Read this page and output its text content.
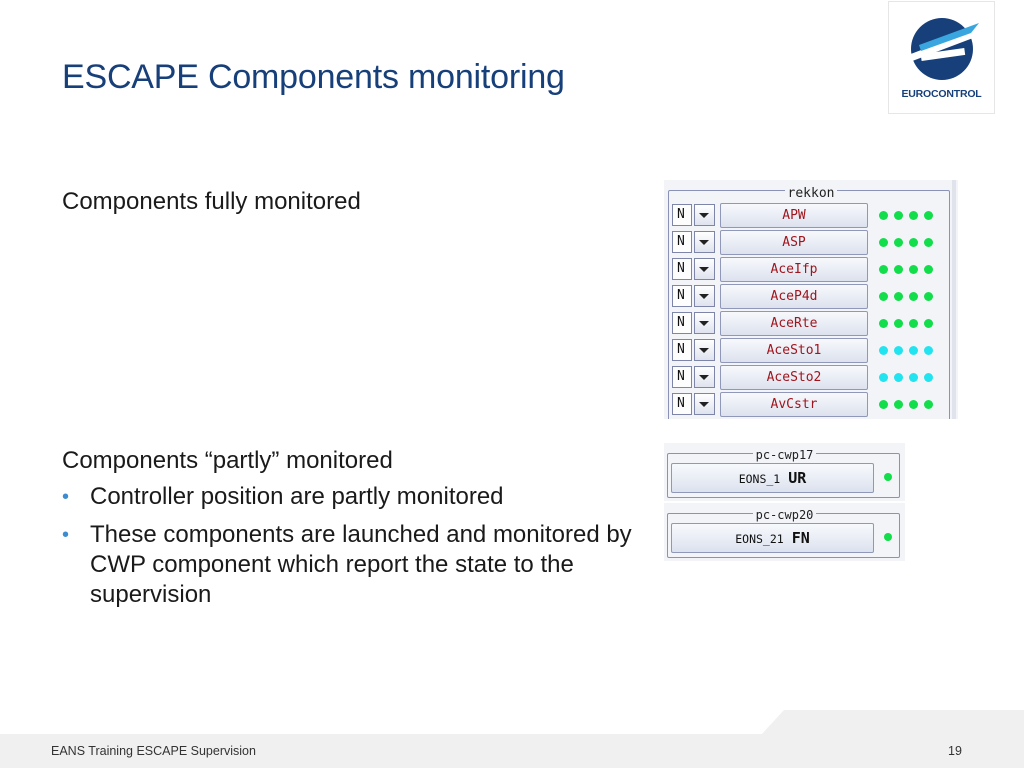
ESCAPE Components monitoring	EUROCONTROL
Components fully monitored	rekkon
N	APW
N	ASP
N	AceIfp
N	AceP4d
N	AceRte
N	AceSto1
N	AceSto2
N	AvCstr
Components “partly” monitored
• Controller position are partly monitored
• These components are launched and monitored by CWP component which report the state to the supervision
pc-cwp17
EONS_1 UR
pc-cwp20
EONS_21 FN
EANS Training ESCAPE Supervision	19
